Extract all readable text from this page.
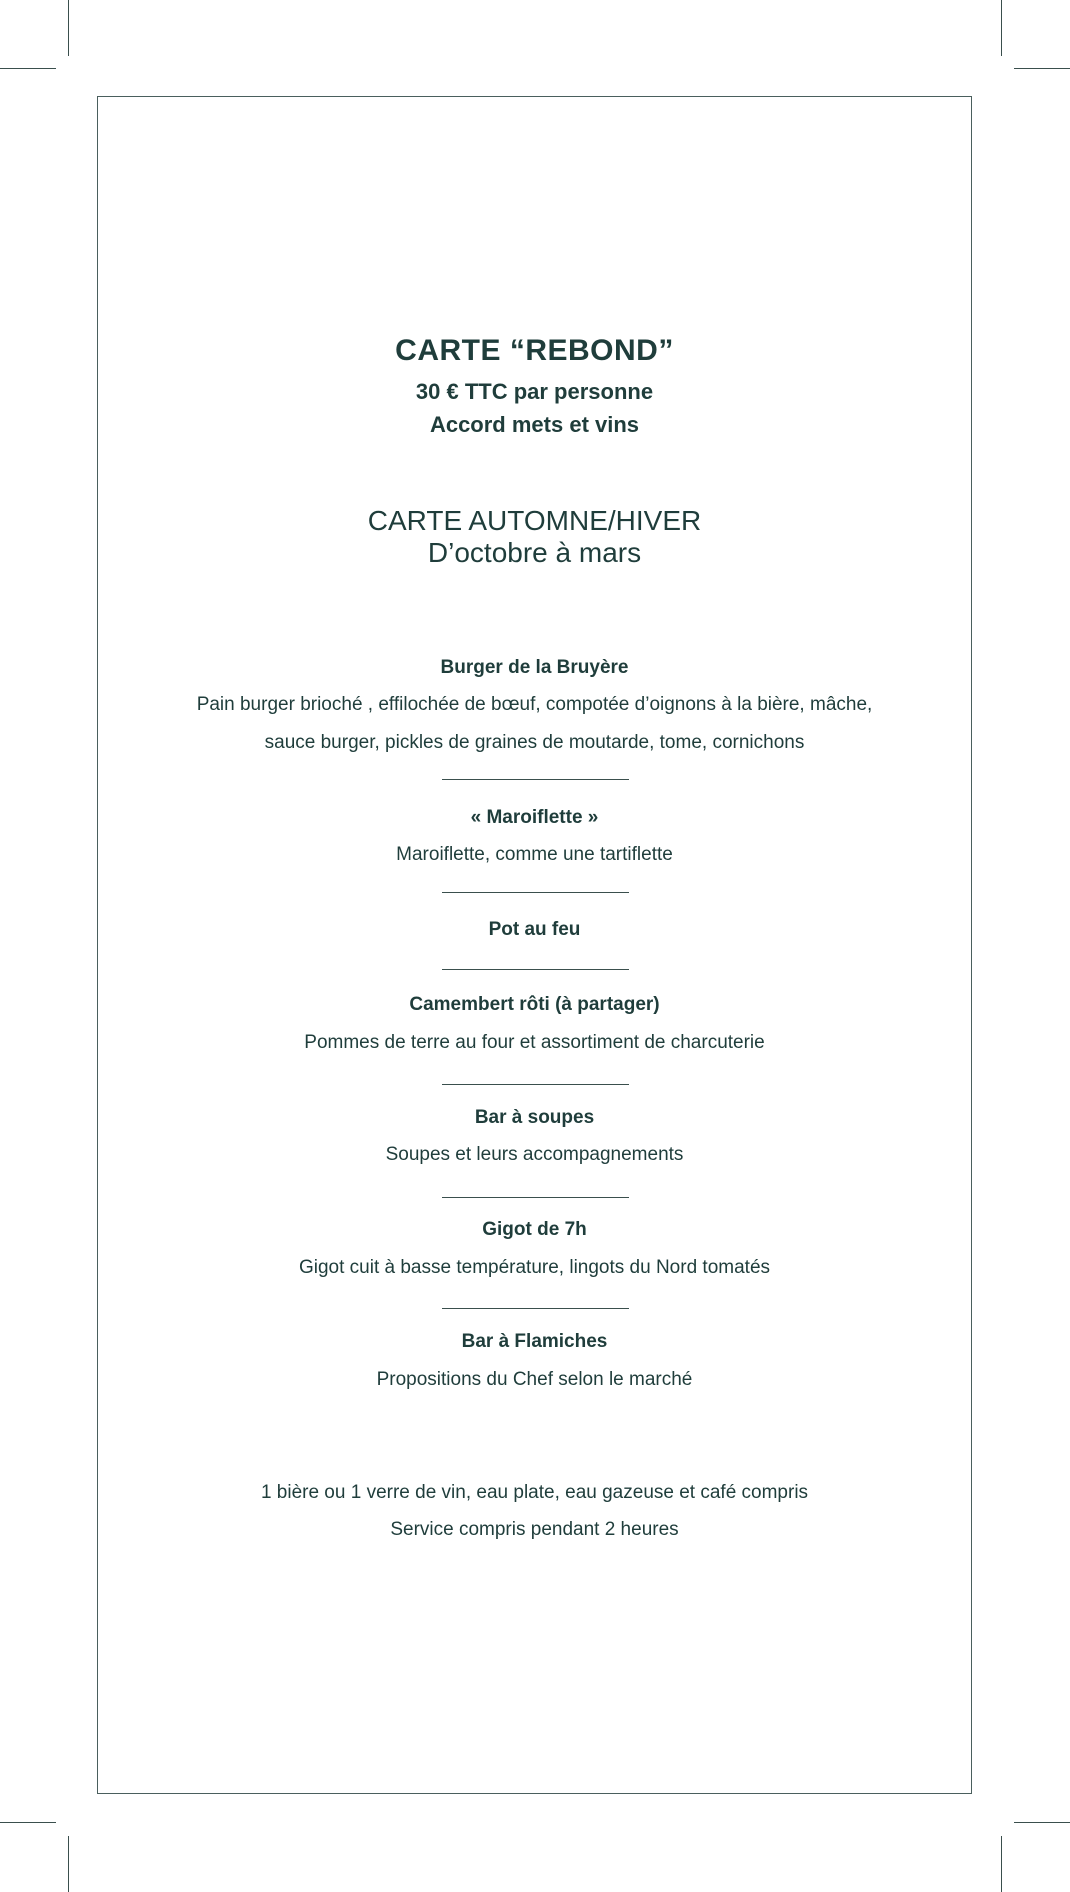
CARTE “REBOND”
30 € TTC par personne
Accord mets et vins
CARTE AUTOMNE/HIVER
D’octobre à mars
Burger de la Bruyère
Pain burger brioché , effilochée de bœuf, compotée d’oignons à la bière, mâche,
sauce burger, pickles de graines de moutarde, tome, cornichons
« Maroiflette »
Maroiflette, comme une tartiflette
Pot au feu
Camembert rôti (à partager)
Pommes de terre au four et assortiment de charcuterie
Bar à soupes
Soupes et leurs accompagnements
Gigot de 7h
Gigot cuit à basse température, lingots du Nord tomatés
Bar à Flamiches
Propositions du Chef selon le marché
1 bière ou 1 verre de vin, eau plate, eau gazeuse et café compris
Service compris pendant 2 heures
